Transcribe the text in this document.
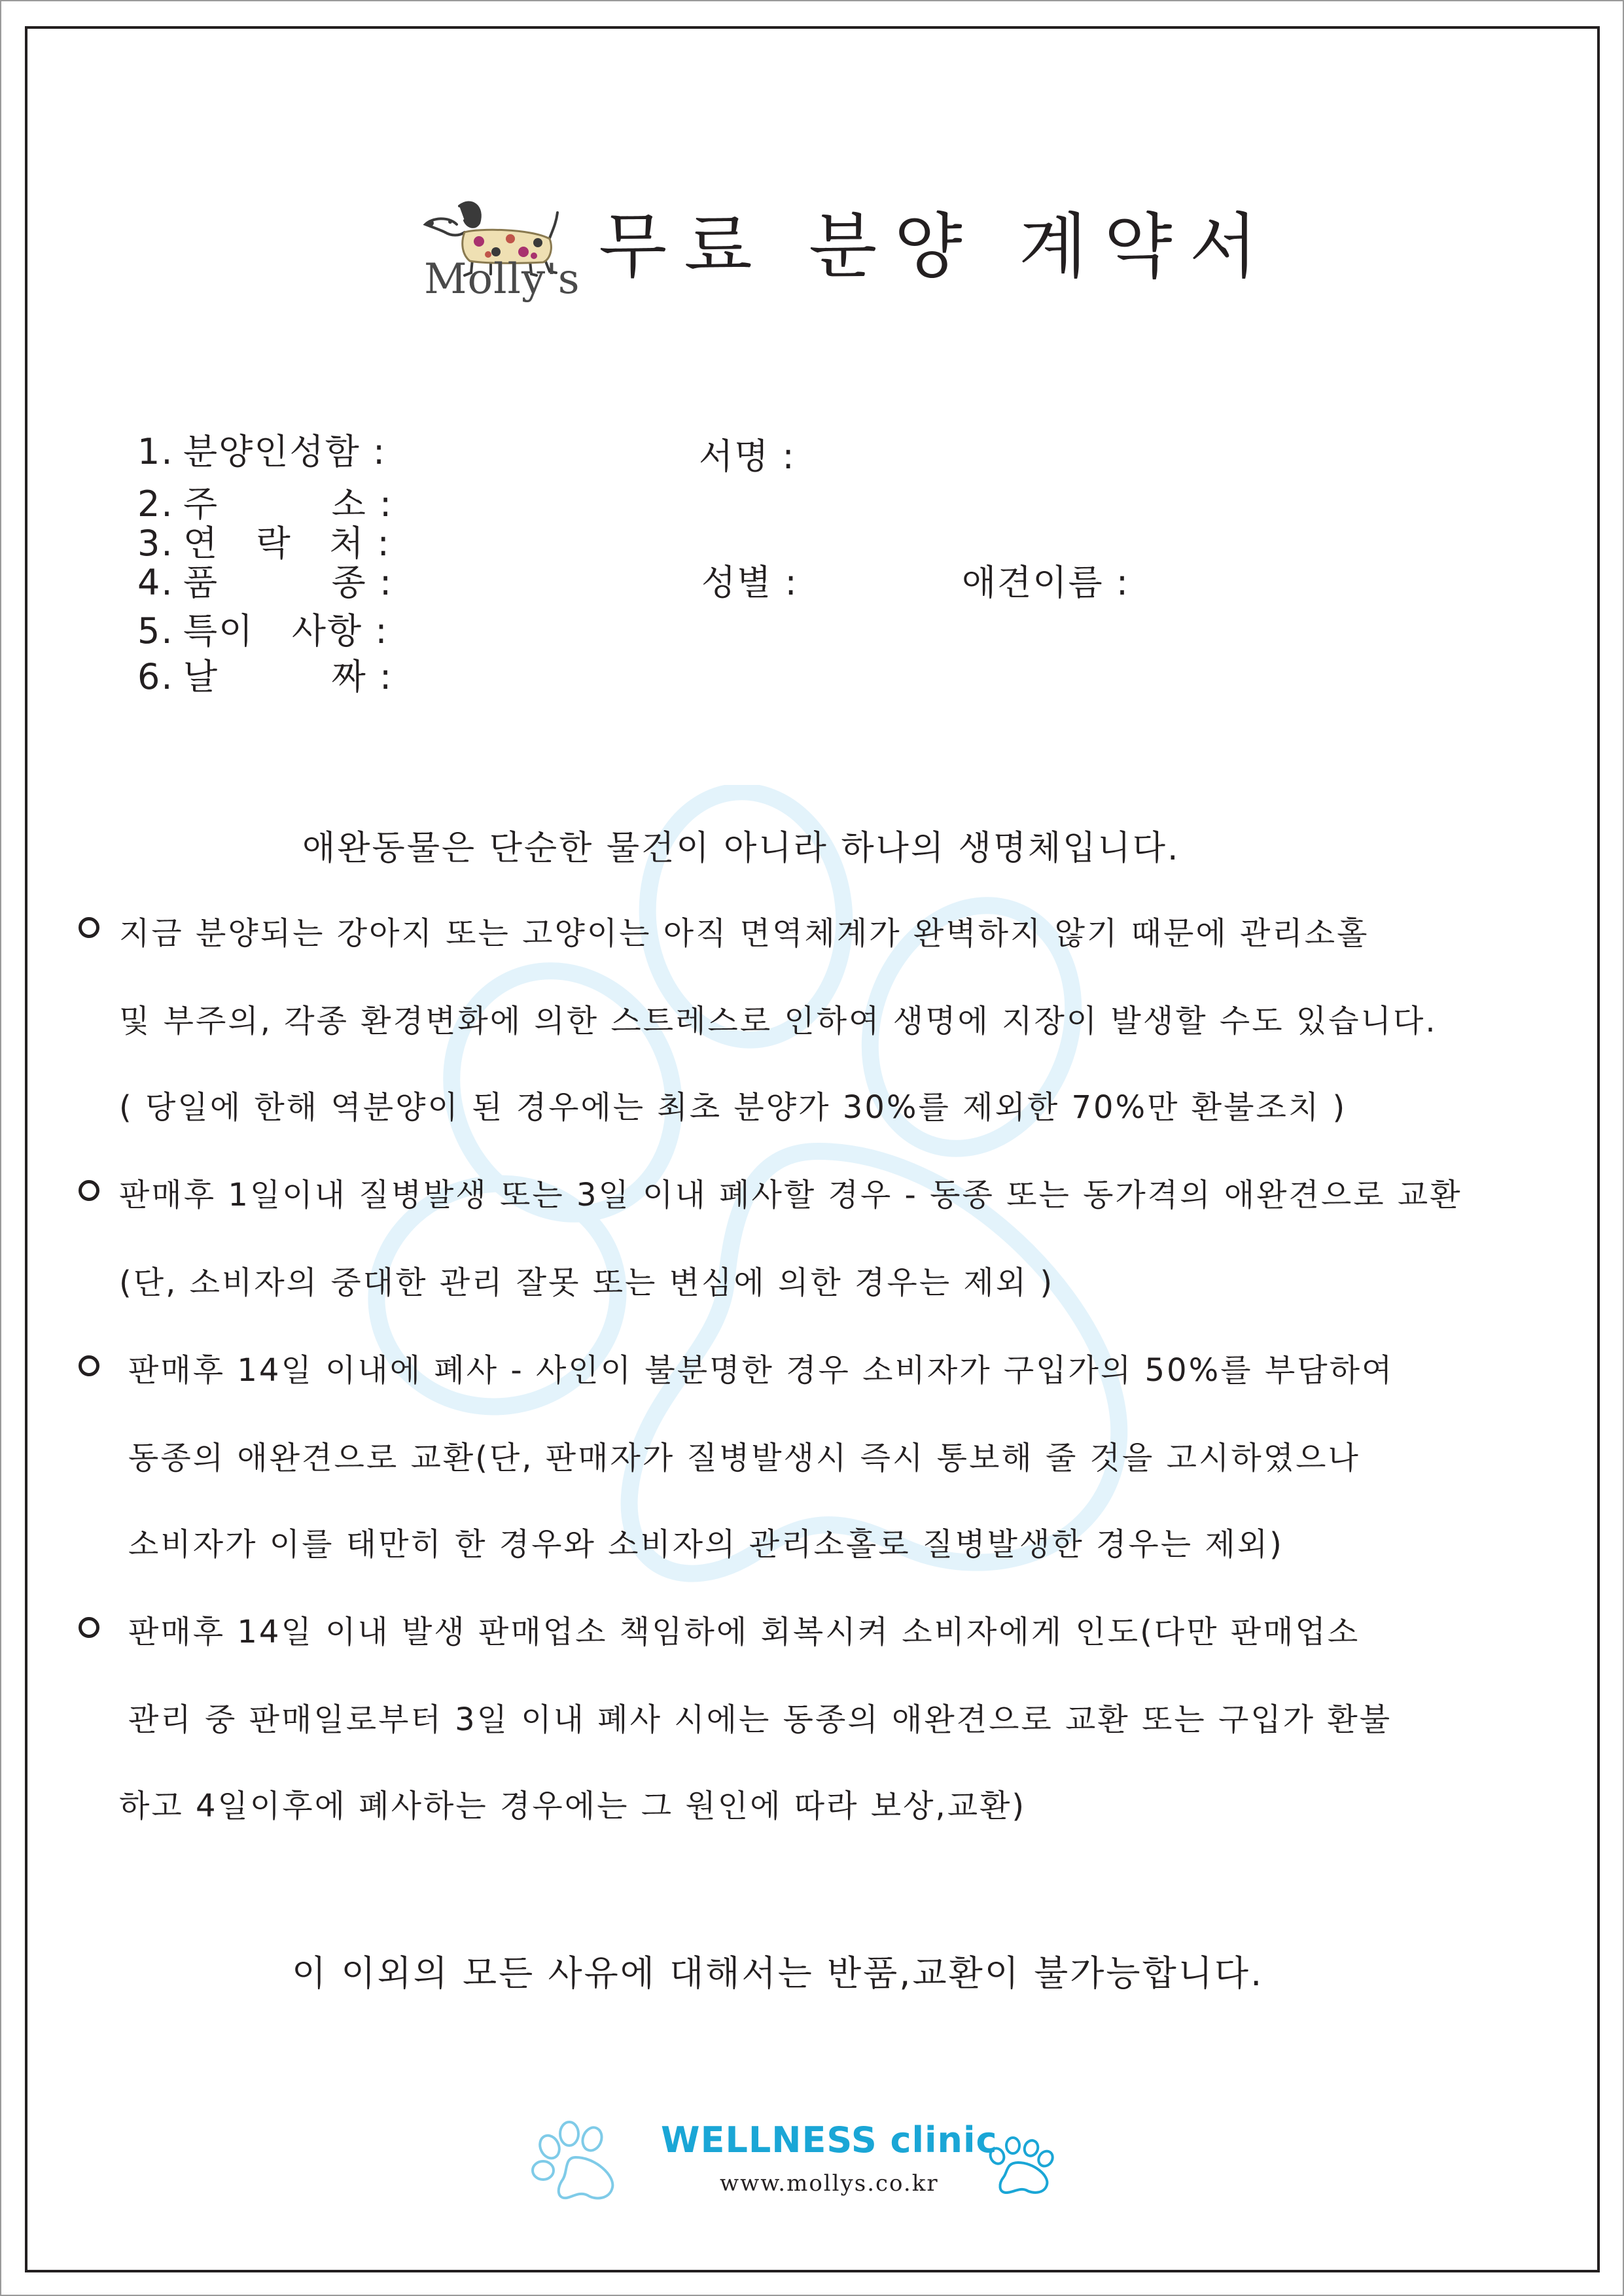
Molly's 무료 분양 계약서
1. 분양인성함 :
2. 주         소 :
3. 연   락   처 :
4. 품         종 :
5. 특이   사항 :
6. 날         짜 :
서명 :
성별 :	애견이름 :
애완동물은 단순한 물건이 아니라 하나의 생명체입니다.
지금 분양되는 강아지 또는 고양이는 아직 면역체계가 완벽하지 않기 때문에 관리소홀
및 부주의, 각종 환경변화에 의한 스트레스로 인하여 생명에 지장이 발생할 수도 있습니다.
( 당일에 한해 역분양이 된 경우에는 최초 분양가 30%를 제외한 70%만 환불조치 )
판매후 1일이내 질병발생 또는 3일 이내 폐사할 경우 - 동종 또는 동가격의 애완견으로 교환
(단, 소비자의 중대한 관리 잘못 또는 변심에 의한 경우는 제외 )
판매후 14일 이내에 폐사 - 사인이 불분명한 경우 소비자가 구입가의 50%를 부담하여
동종의 애완견으로 교환(단, 판매자가 질병발생시 즉시 통보해 줄 것을 고시하였으나
소비자가 이를 태만히 한 경우와 소비자의 관리소홀로 질병발생한 경우는 제외)
판매후 14일 이내 발생 판매업소 책임하에 회복시켜 소비자에게 인도(다만 판매업소
관리 중 판매일로부터 3일 이내 폐사 시에는 동종의 애완견으로 교환 또는 구입가 환불
하고 4일이후에 폐사하는 경우에는 그 원인에 따라 보상,교환)
이 이외의 모든 사유에 대해서는 반품,교환이 불가능합니다.
WELLNESS clinic
www.mollys.co.kr
